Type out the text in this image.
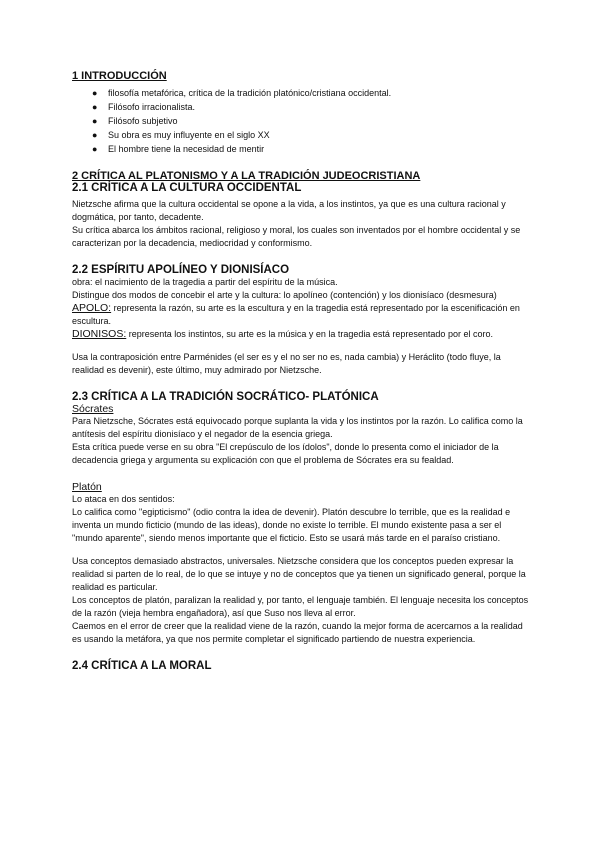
1 INTRODUCCIÓN
● filosofía metafórica, crítica de la tradición platónico/cristiana occidental.
● Filósofo irracionalista.
● Filósofo subjetivo
● Su obra es muy influyente en el siglo XX
● El hombre tiene la necesidad de mentir
2 CRÍTICA AL PLATONISMO Y A LA TRADICIÓN JUDEOCRISTIANA
2.1 CRÍTICA A LA CULTURA OCCIDENTAL

Nietzsche afirma que la cultura occidental se opone a la vida, a los instintos, ya que es una cultura racional y dogmática, por tanto, decadente.

Su crítica abarca los ámbitos racional, religioso y moral, los cuales son inventados por el hombre occidental y se caracterizan por la decadencia, mediocridad y conformismo.

2.2 ESPÍRITU APOLÍNEO Y DIONISÍACO

obra: el nacimiento de la tragedia a partir del espíritu de la música.

Distingue dos modos de concebir el arte y la cultura: lo apolíneo (contención) y los dionisíaco (desmesura)

APOLO: representa la razón, su arte es la escultura y en la tragedia está representado por la escenificación en escultura.

DIONISOS: representa los instintos, su arte es la música y en la tragedia está representado por el coro.

Usa la contraposición entre Parménides (el ser es y el no ser no es, nada cambia) y Heráclito (todo fluye, la realidad es devenir), este último, muy admirado por Nietzsche.

2.3 CRÍTICA A LA TRADICIÓN SOCRÁTICO- PLATÓNICA
Sócrates

Para Nietzsche, Sócrates está equivocado porque suplanta la vida y los instintos por la razón. Lo califica como la antítesis del espíritu dionisíaco y el negador de la esencia griega.

Esta crítica puede verse en su obra "El crepúsculo de los ídolos", donde lo presenta como el iniciador de la decadencia griega y argumenta su explicación con que el problema de Sócrates era su fealdad.

Platón

Lo ataca en dos sentidos:

Lo califica como "egipticismo" (odio contra la idea de devenir). Platón descubre lo terrible, que es la realidad e inventa un mundo ficticio (mundo de las ideas), donde no existe lo terrible. El mundo existente pasa a ser el "mundo aparente", siendo menos importante que el ficticio. Esto se usará más tarde en el paraíso cristiano.

Usa conceptos demasiado abstractos, universales. Nietzsche considera que los conceptos pueden expresar la realidad si parten de lo real, de lo que se intuye y no de conceptos que ya tienen un significado general, porque la realidad es particular.

Los conceptos de platón, paralizan la realidad y, por tanto, el lenguaje también. El lenguaje necesita los conceptos de la razón (vieja hembra engañadora), así que Suso nos lleva al error.

Caemos en el error de creer que la realidad viene de la razón, cuando la mejor forma de acercarnos a la realidad es usando la metáfora, ya que nos permite completar el significado partiendo de nuestra experiencia.

2.4 CRÍTICA A LA MORAL
